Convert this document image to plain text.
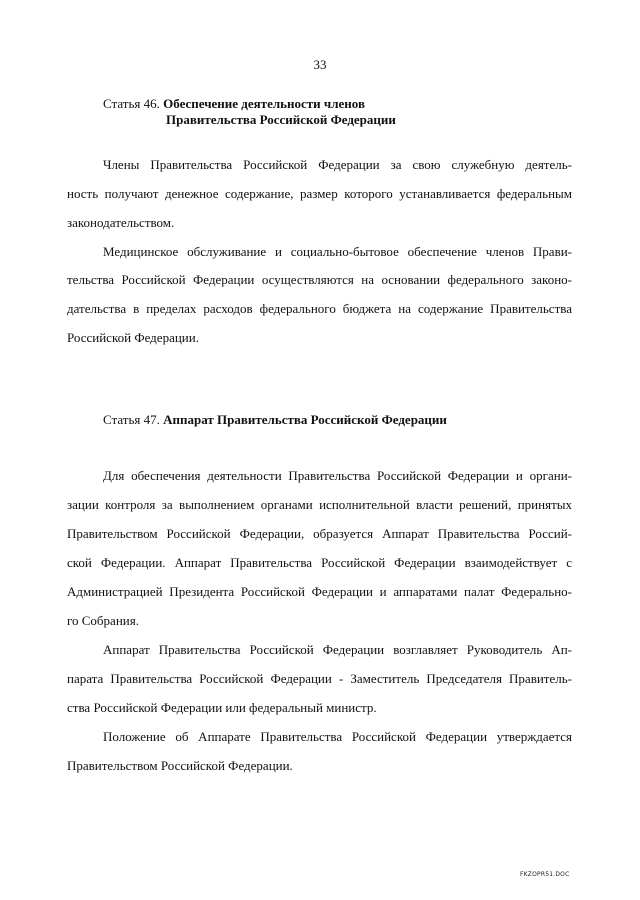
33
Статья 46. Обеспечение деятельности членов
Правительства Российской Федерации
Члены Правительства Российской Федерации за свою служебную деятель-
ность получают денежное содержание, размер которого устанавливается федеральным
законодательством.
Медицинское обслуживание и социально-бытовое обеспечение членов Прави-
тельства Российской Федерации осуществляются на основании федерального законо-
дательства в пределах расходов федерального бюджета на содержание Правительства
Российской Федерации.
Статья 47. Аппарат Правительства Российской Федерации
Для обеспечения деятельности Правительства Российской Федерации и органи-
зации контроля за выполнением органами исполнительной власти решений, принятых
Правительством Российской Федерации, образуется Аппарат Правительства Россий-
ской Федерации. Аппарат Правительства Российской Федерации взаимодействует с
Администрацией Президента Российской Федерации и аппаратами палат Федерально-
го Собрания.
Аппарат Правительства Российской Федерации возглавляет Руководитель Ап-
парата Правительства Российской Федерации - Заместитель Председателя Правитель-
ства Российской Федерации или федеральный министр.
Положение об Аппарате Правительства Российской Федерации утверждается
Правительством Российской Федерации.
FKZOPR51.DOC
